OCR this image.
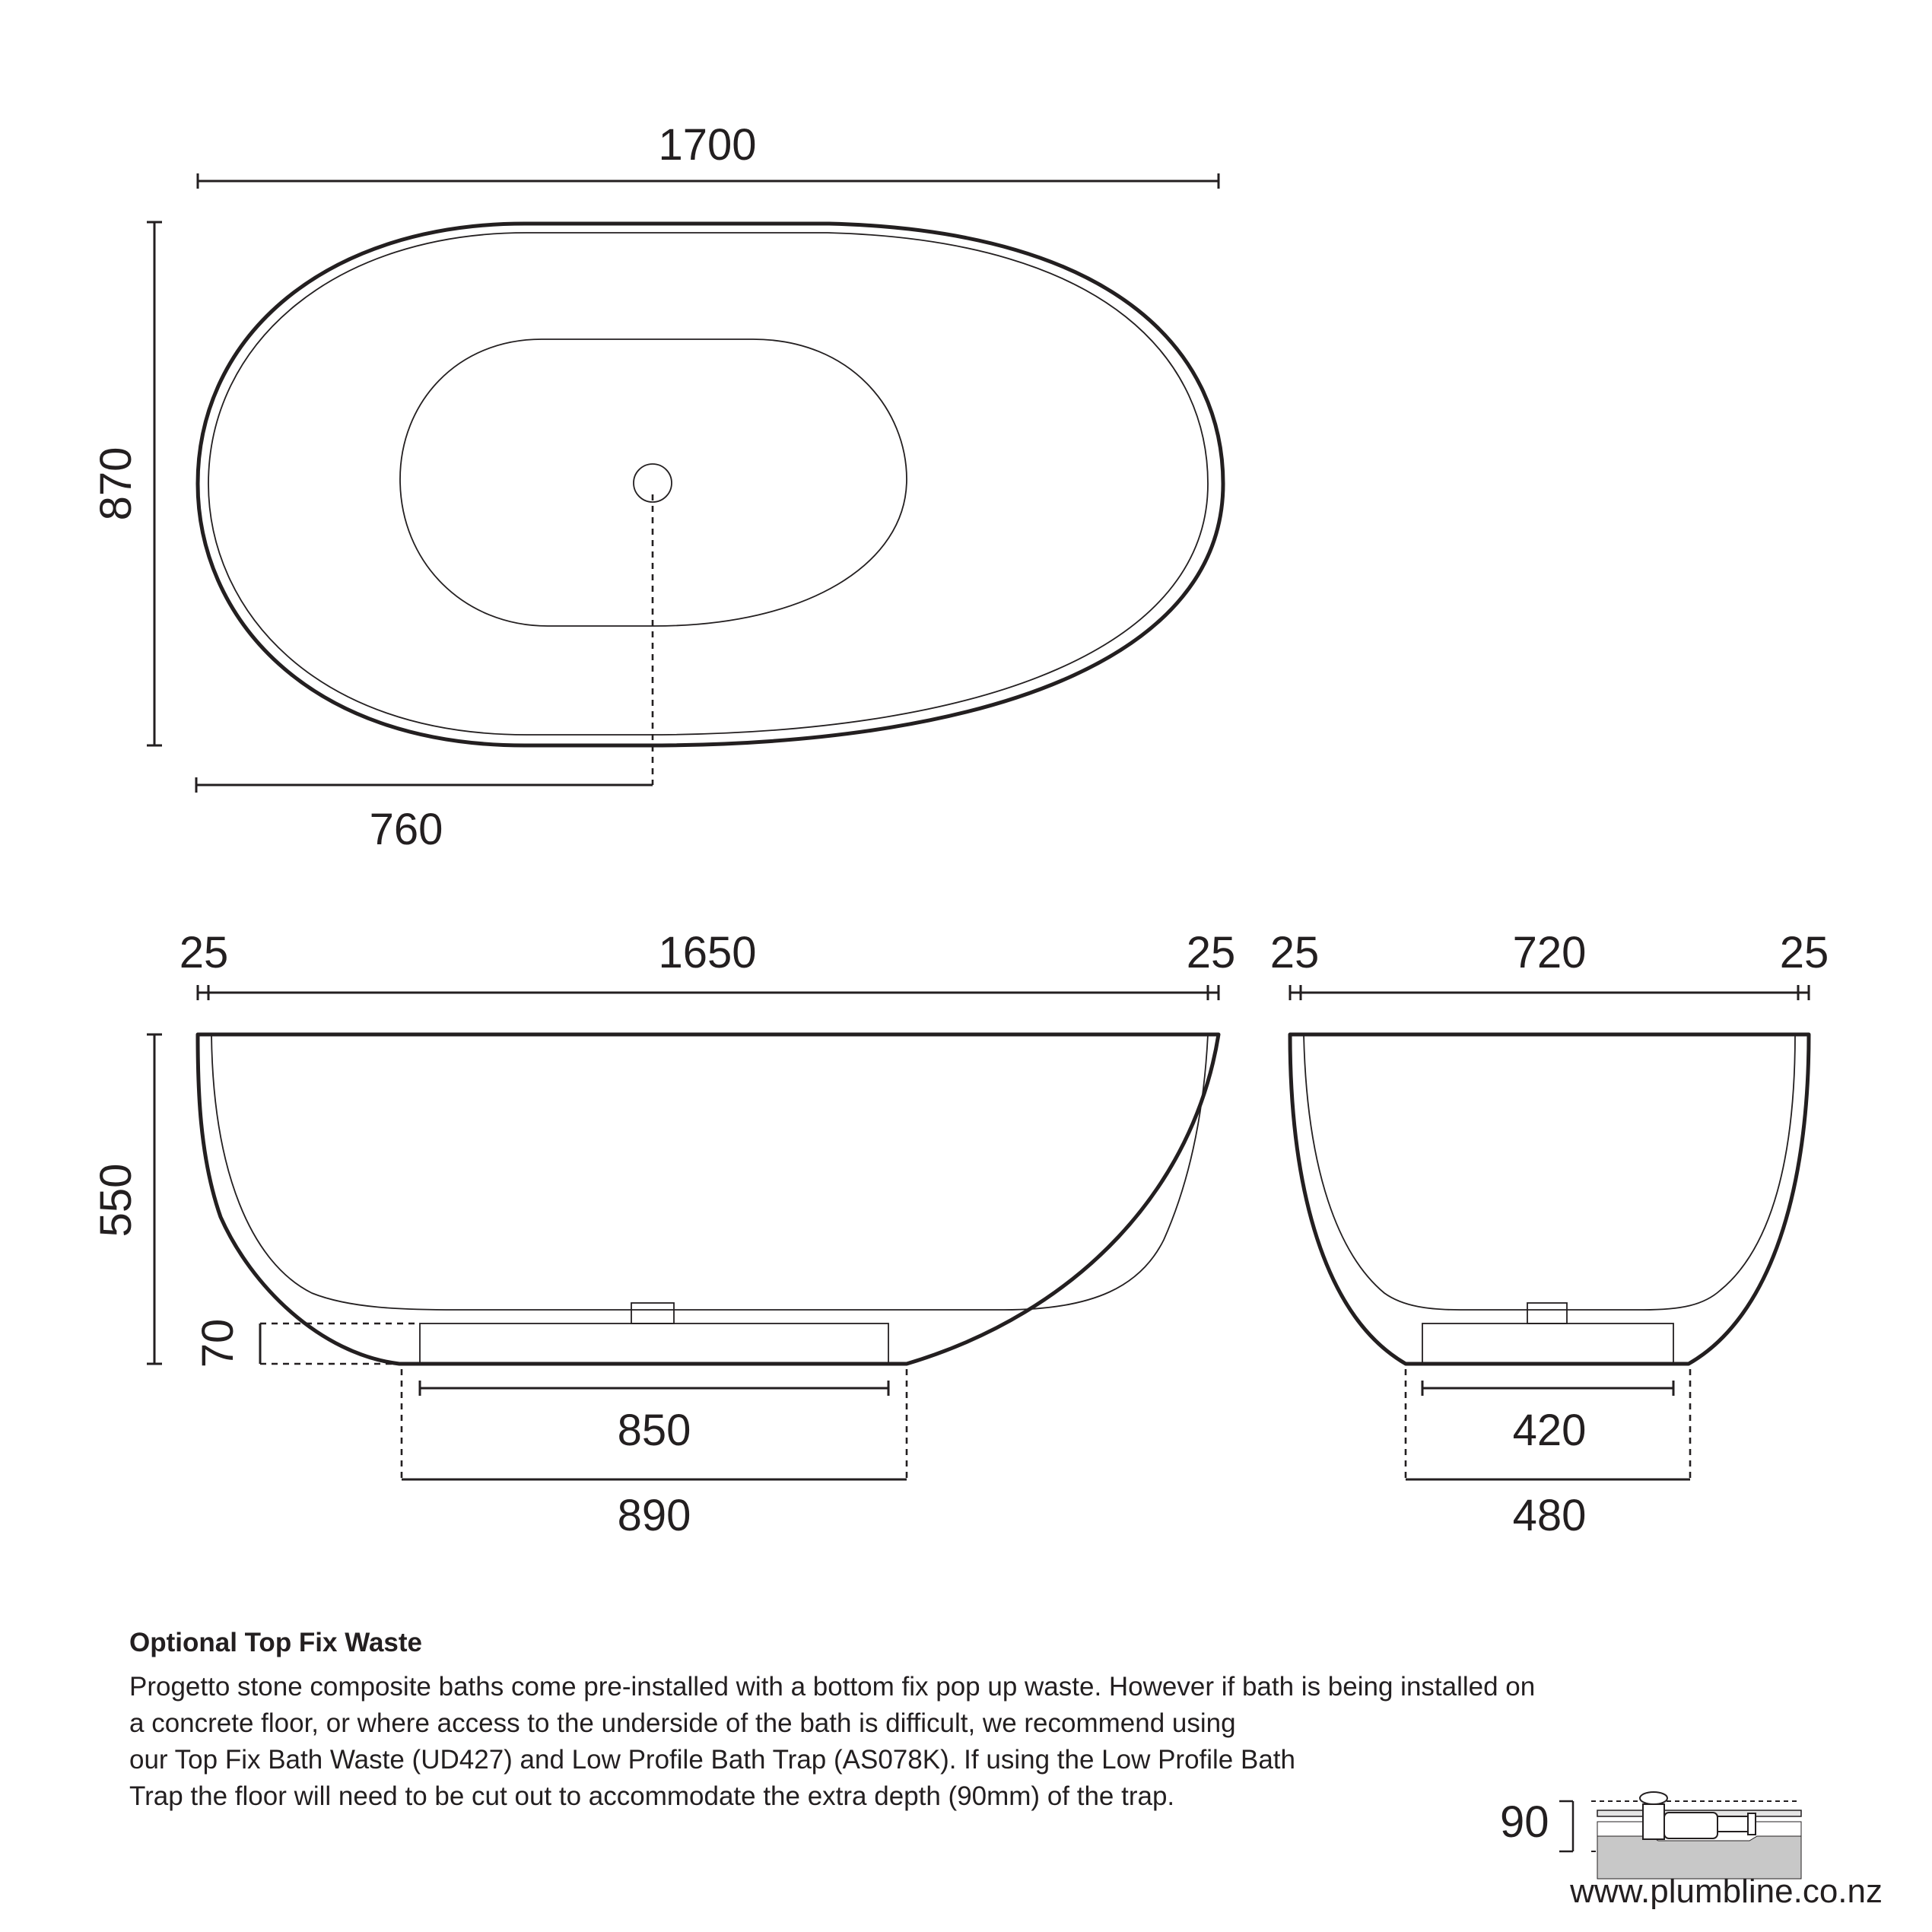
1700
870
760
25	1650	25
550
70
850
890
25	720	25
420
480

Optional Top Fix Waste

Progetto stone composite baths come pre-installed with a bottom fix pop up waste. However if bath is being installed on
a concrete floor, or where access to the underside of the bath is difficult, we recommend using
our Top Fix Bath Waste (UD427) and Low Profile Bath Trap (AS078K). If using the Low Profile Bath
Trap the floor will need to be cut out to accommodate the extra depth (90mm) of the trap.

90
www.plumbline.co.nz
